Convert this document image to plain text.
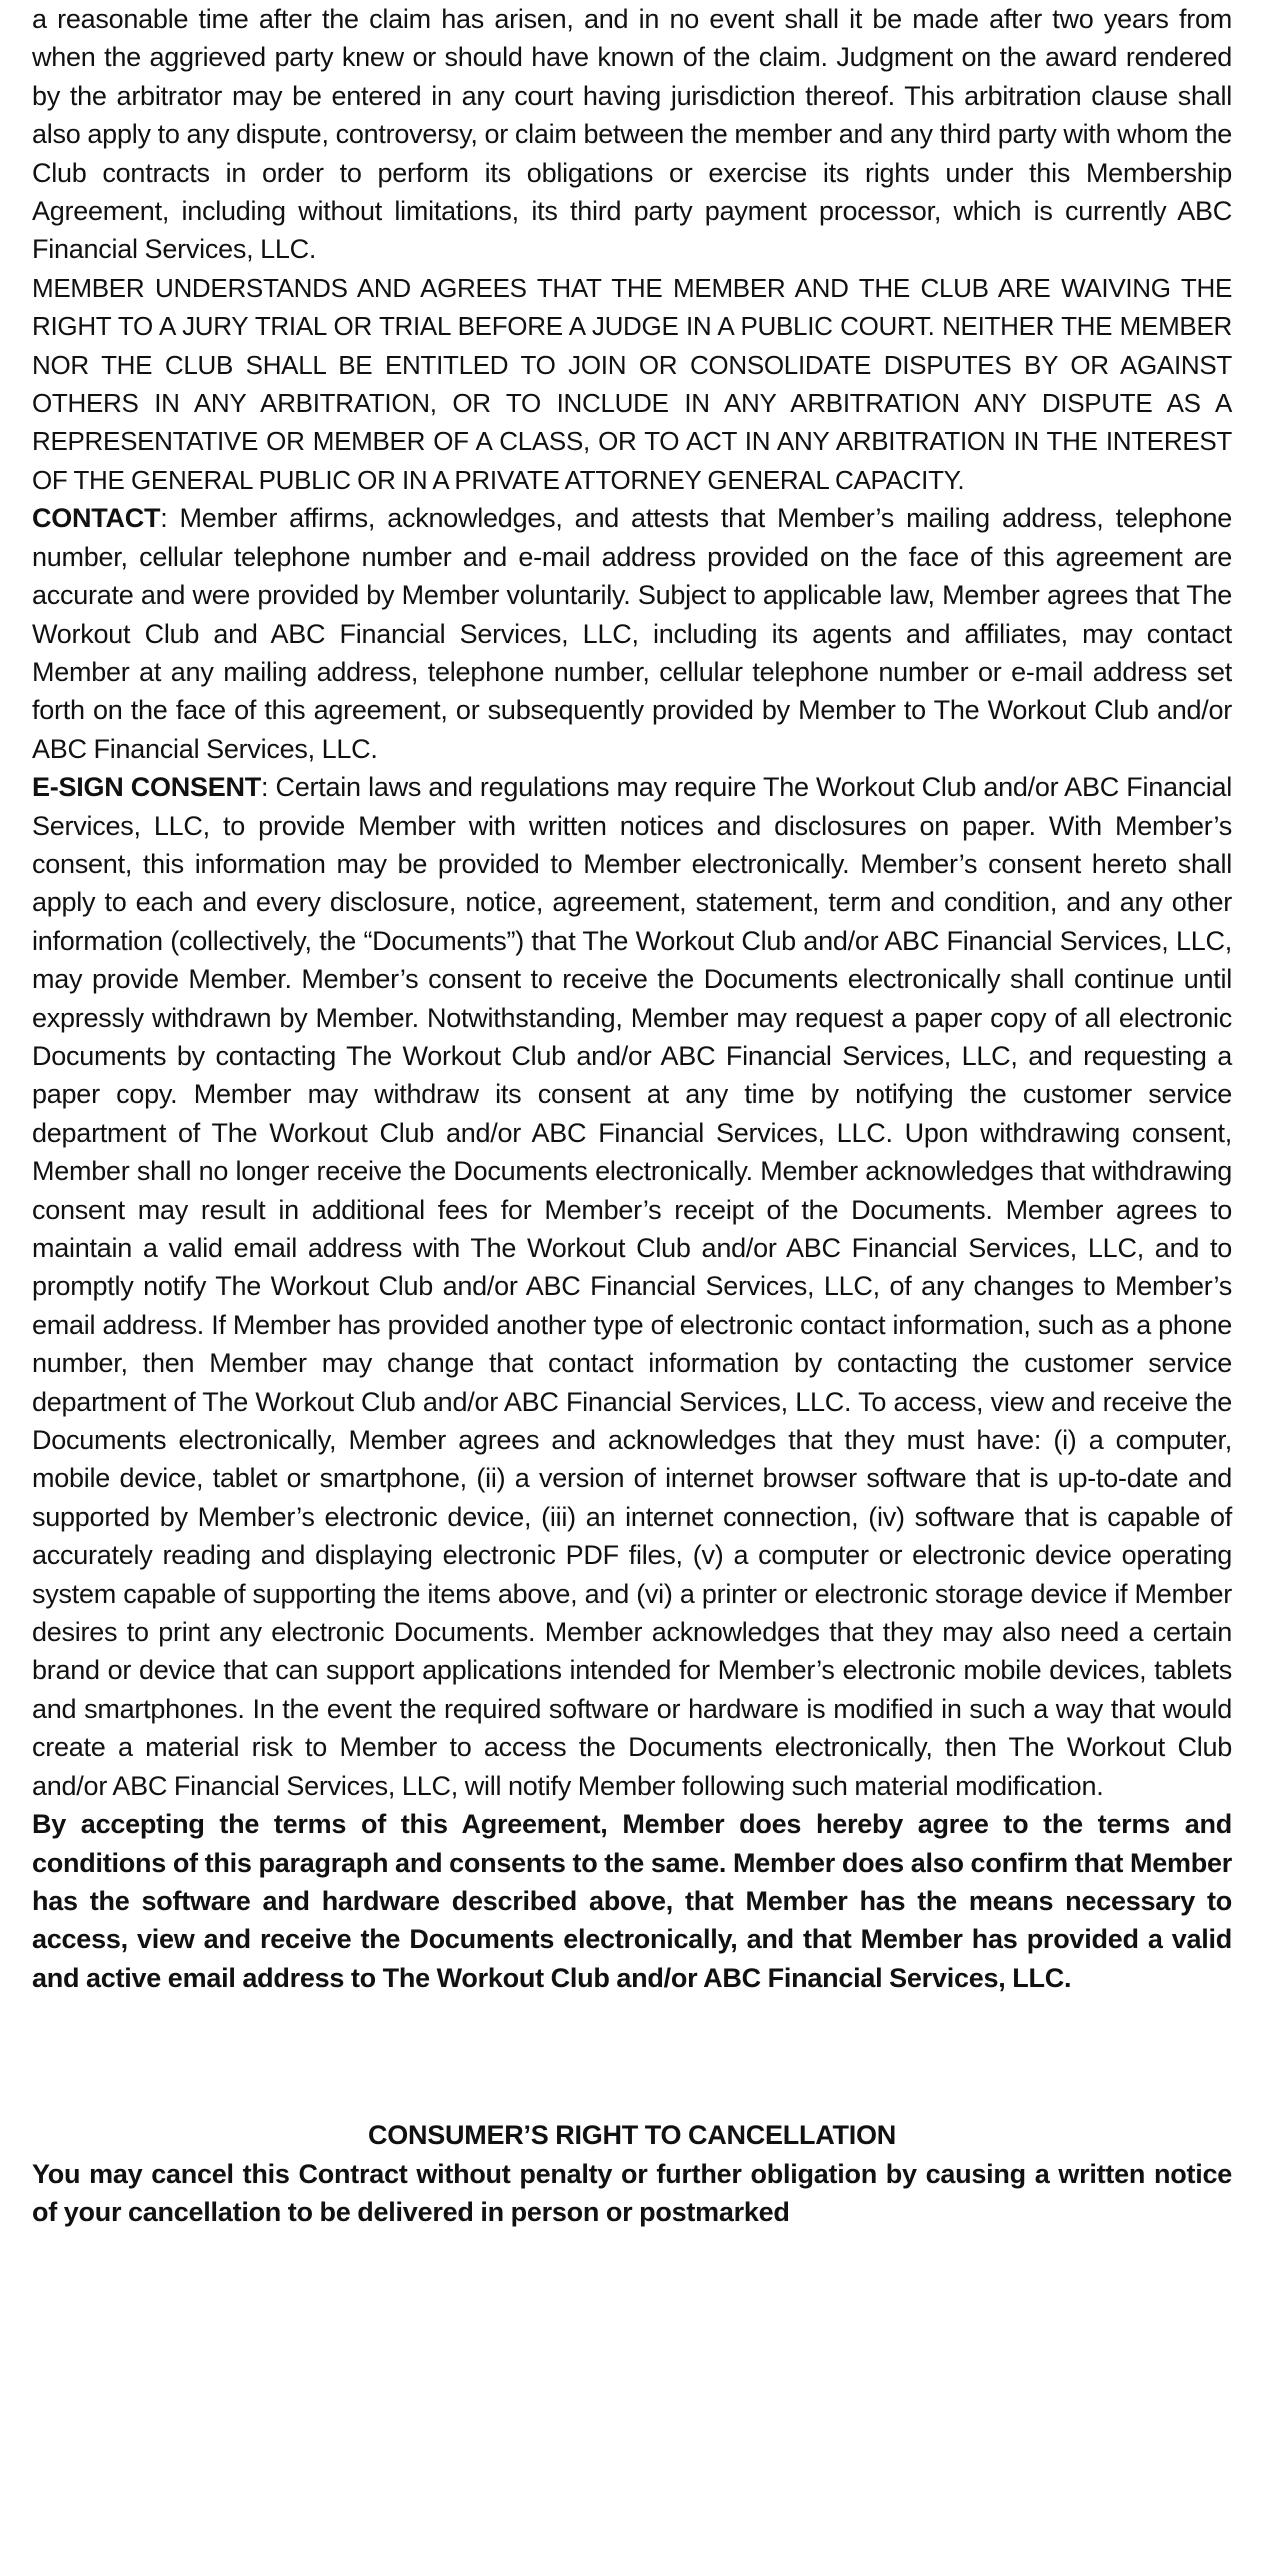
a reasonable time after the claim has arisen, and in no event shall it be made after two years from when the aggrieved party knew or should have known of the claim. Judgment on the award rendered by the arbitrator may be entered in any court having jurisdiction thereof. This arbitration clause shall also apply to any dispute, controversy, or claim between the member and any third party with whom the Club contracts in order to perform its obligations or exercise its rights under this Membership Agreement, including without limitations, its third party payment processor, which is currently ABC Financial Services, LLC.

MEMBER UNDERSTANDS AND AGREES THAT THE MEMBER AND THE CLUB ARE WAIVING THE RIGHT TO A JURY TRIAL OR TRIAL BEFORE A JUDGE IN A PUBLIC COURT. NEITHER THE MEMBER NOR THE CLUB SHALL BE ENTITLED TO JOIN OR CONSOLIDATE DISPUTES BY OR AGAINST OTHERS IN ANY ARBITRATION, OR TO INCLUDE IN ANY ARBITRATION ANY DISPUTE AS A REPRESENTATIVE OR MEMBER OF A CLASS, OR TO ACT IN ANY ARBITRATION IN THE INTEREST OF THE GENERAL PUBLIC OR IN A PRIVATE ATTORNEY GENERAL CAPACITY.

CONTACT: Member affirms, acknowledges, and attests that Member’s mailing address, telephone number, cellular telephone number and e-mail address provided on the face of this agreement are accurate and were provided by Member voluntarily. Subject to applicable law, Member agrees that The Workout Club and ABC Financial Services, LLC, including its agents and affiliates, may contact Member at any mailing address, telephone number, cellular telephone number or e-mail address set forth on the face of this agreement, or subsequently provided by Member to The Workout Club and/or ABC Financial Services, LLC.

E-SIGN CONSENT: Certain laws and regulations may require The Workout Club and/or ABC Financial Services, LLC, to provide Member with written notices and disclosures on paper. With Member’s consent, this information may be provided to Member electronically. Member’s consent hereto shall apply to each and every disclosure, notice, agreement, statement, term and condition, and any other information (collectively, the “Documents”) that The Workout Club and/or ABC Financial Services, LLC, may provide Member. Member’s consent to receive the Documents electronically shall continue until expressly withdrawn by Member. Notwithstanding, Member may request a paper copy of all electronic Documents by contacting The Workout Club and/or ABC Financial Services, LLC, and requesting a paper copy. Member may withdraw its consent at any time by notifying the customer service department of The Workout Club and/or ABC Financial Services, LLC. Upon withdrawing consent, Member shall no longer receive the Documents electronically. Member acknowledges that withdrawing consent may result in additional fees for Member’s receipt of the Documents. Member agrees to maintain a valid email address with The Workout Club and/or ABC Financial Services, LLC, and to promptly notify The Workout Club and/or ABC Financial Services, LLC, of any changes to Member’s email address. If Member has provided another type of electronic contact information, such as a phone number, then Member may change that contact information by contacting the customer service department of The Workout Club and/or ABC Financial Services, LLC. To access, view and receive the Documents electronically, Member agrees and acknowledges that they must have: (i) a computer, mobile device, tablet or smartphone, (ii) a version of internet browser software that is up-to-date and supported by Member’s electronic device, (iii) an internet connection, (iv) software that is capable of accurately reading and displaying electronic PDF files, (v) a computer or electronic device operating system capable of supporting the items above, and (vi) a printer or electronic storage device if Member desires to print any electronic Documents. Member acknowledges that they may also need a certain brand or device that can support applications intended for Member’s electronic mobile devices, tablets and smartphones. In the event the required software or hardware is modified in such a way that would create a material risk to Member to access the Documents electronically, then The Workout Club and/or ABC Financial Services, LLC, will notify Member following such material modification.

By accepting the terms of this Agreement, Member does hereby agree to the terms and conditions of this paragraph and consents to the same. Member does also confirm that Member has the software and hardware described above, that Member has the means necessary to access, view and receive the Documents electronically, and that Member has provided a valid and active email address to The Workout Club and/or ABC Financial Services, LLC.

CONSUMER’S RIGHT TO CANCELLATION

You may cancel this Contract without penalty or further obligation by causing a written notice of your cancellation to be delivered in person or postmarked
